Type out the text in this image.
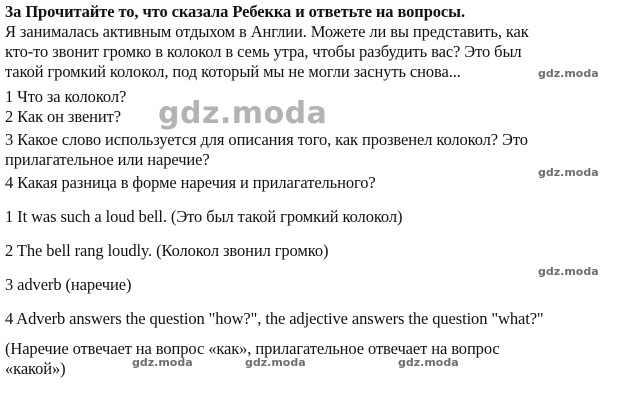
3a Прочитайте то, что сказала Ребекка и ответьте на вопросы.
Я занималась активным отдыхом в Англии. Можете ли вы представить, как
кто-то звонит громко в колокол в семь утра, чтобы разбудить вас? Это был
такой громкий колокол, под который мы не могли заснуть снова...
1 Что за колокол?
2 Как он звенит?
3 Какое слово используется для описания того, как прозвенел колокол? Это
прилагательное или наречие?
4 Какая разница в форме наречия и прилагательного?
1 It was such a loud bell. (Это был такой громкий колокол)
2 The bell rang loudly. (Колокол звонил громко)
3 adverb (наречие)
4 Adverb answers the question "how?", the adjective answers the question "what?"
(Наречие отвечает на вопрос «как», прилагательное отвечает на вопрос
«какой»)
gdz.moda
gdz.moda
gdz.moda
gdz.moda
gdz.moda	gdz.moda	gdz.moda
